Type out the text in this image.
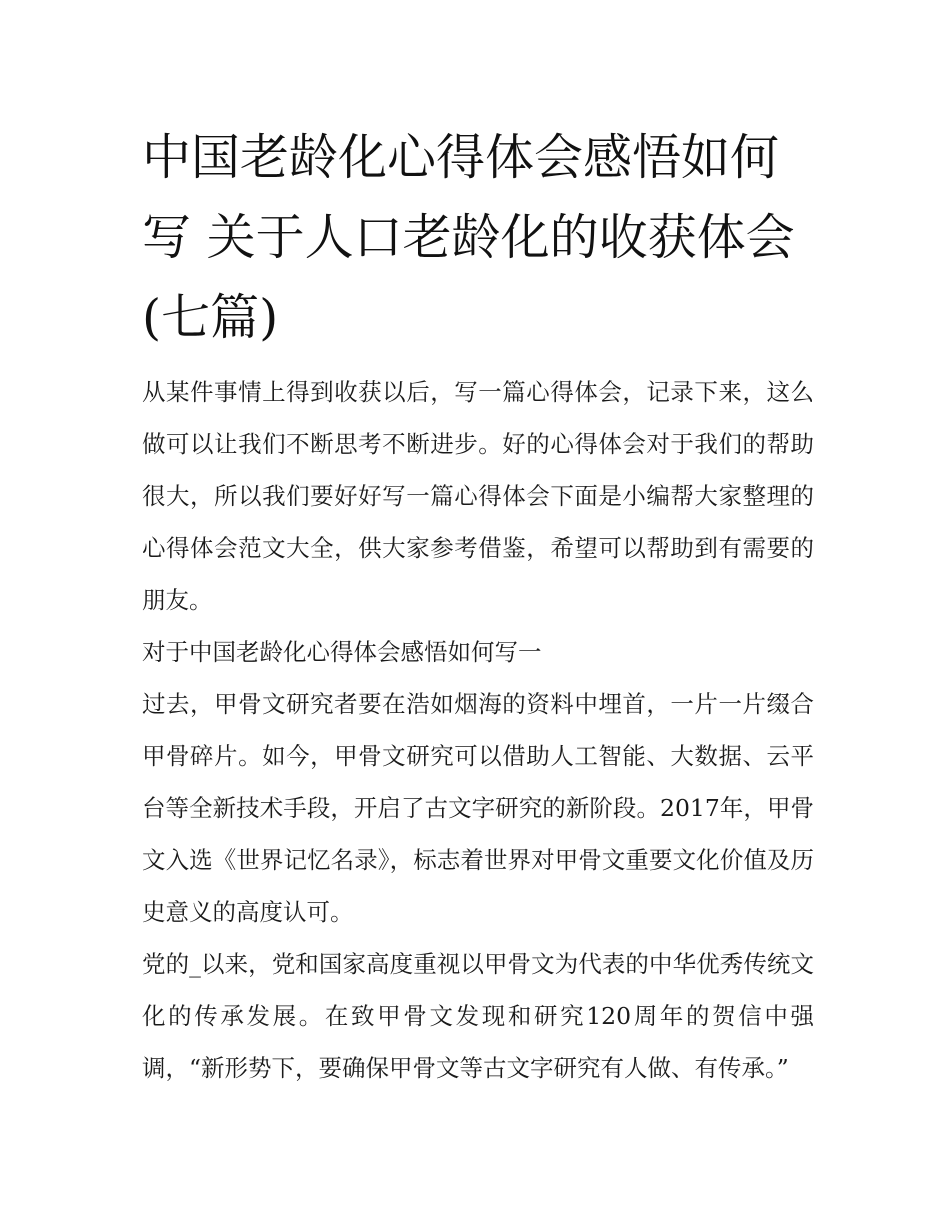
中国老龄化心得体会感悟如何写 关于人口老龄化的收获体会(七篇)

从某件事情上得到收获以后，写一篇心得体会，记录下来，这么做可以让我们不断思考不断进步。好的心得体会对于我们的帮助很大，所以我们要好好写一篇心得体会下面是小编帮大家整理的心得体会范文大全，供大家参考借鉴，希望可以帮助到有需要的朋友。

对于中国老龄化心得体会感悟如何写一

过去，甲骨文研究者要在浩如烟海的资料中埋首，一片一片缀合甲骨碎片。如今，甲骨文研究可以借助人工智能、大数据、云平台等全新技术手段，开启了古文字研究的新阶段。2017年，甲骨文入选《世界记忆名录》，标志着世界对甲骨文重要文化价值及历史意义的高度认可。

党的_以来，党和国家高度重视以甲骨文为代表的中华优秀传统文化的传承发展。在致甲骨文发现和研究120周年的贺信中强调，“新形势下，要确保甲骨文等古文字研究有人做、有传承。”
